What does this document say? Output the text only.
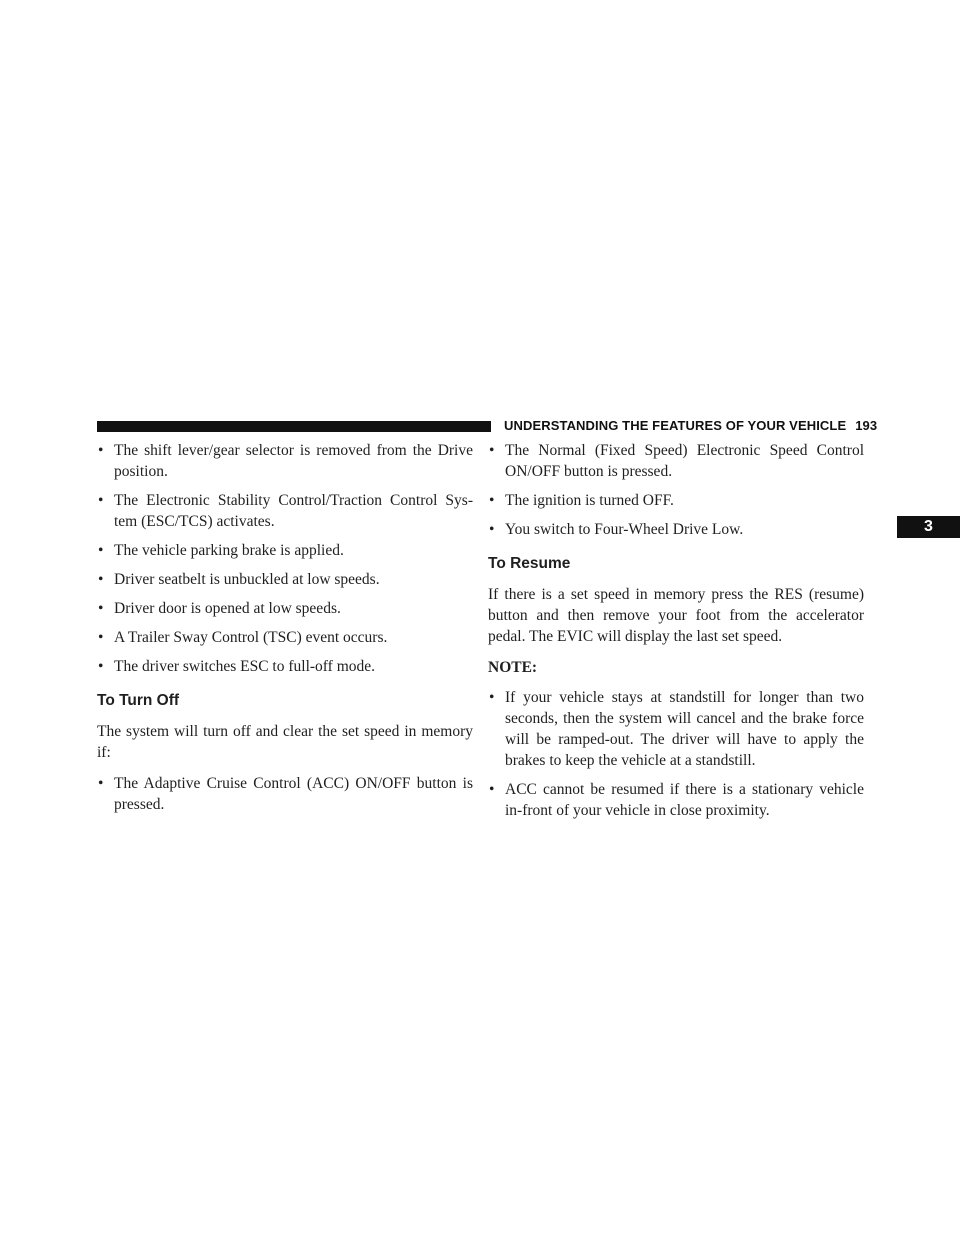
UNDERSTANDING THE FEATURES OF YOUR VEHICLE 193
3
• The shift lever/gear selector is removed from the Drive position.
• The Electronic Stability Control/Traction Control Sys- tem (ESC/TCS) activates.
• The vehicle parking brake is applied.
• Driver seatbelt is unbuckled at low speeds.
• Driver door is opened at low speeds.
• A Trailer Sway Control (TSC) event occurs.
• The driver switches ESC to full-off mode.
To Turn Off

The system will turn off and clear the set speed in memory if:

• The Adaptive Cruise Control (ACC) ON/OFF button is pressed.
• The Normal (Fixed Speed) Electronic Speed Control ON/OFF button is pressed.
• The ignition is turned OFF.
• You switch to Four-Wheel Drive Low.
To Resume

If there is a set speed in memory press the RES (resume) button and then remove your foot from the accelerator pedal. The EVIC will display the last set speed.

NOTE:

• If your vehicle stays at standstill for longer than two seconds, then the system will cancel and the brake force will be ramped-out. The driver will have to apply the brakes to keep the vehicle at a standstill.
• ACC cannot be resumed if there is a stationary vehicle in-front of your vehicle in close proximity.
